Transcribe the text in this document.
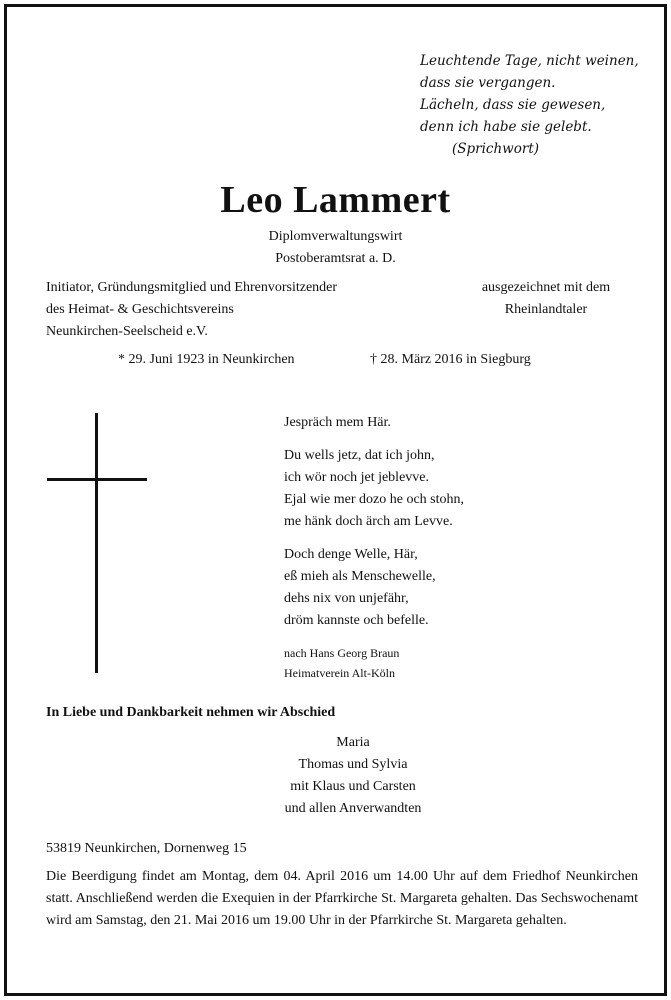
Leuchtende Tage, nicht weinen,
dass sie vergangen.
Lächeln, dass sie gewesen,
denn ich habe sie gelebt.
(Sprichwort)
Leo Lammert
Diplomverwaltungswirt
Postoberamtsrat a. D.
Initiator, Gründungsmitglied und Ehrenvorsitzender
des Heimat- & Geschichtsvereins
Neunkirchen-Seelscheid e.V.
ausgezeichnet mit dem
Rheinlandtaler
* 29. Juni 1923 in Neunkirchen	† 28. März 2016 in Siegburg
Jespräch mem Här.
Du wells jetz, dat ich john,
ich wör noch jet jeblevve.
Ejal wie mer dozo he och stohn,
me hänk doch ärch am Levve.
Doch denge Welle, Här,
eß mieh als Menschewelle,
dehs nix von unjefähr,
dröm kannste och befelle.
nach Hans Georg Braun
Heimatverein Alt-Köln
In Liebe und Dankbarkeit nehmen wir Abschied
Maria
Thomas und Sylvia
mit Klaus und Carsten
und allen Anverwandten
53819 Neunkirchen, Dornenweg 15
Die Beerdigung findet am Montag, dem 04. April 2016 um 14.00 Uhr auf dem Friedhof Neunkirchen statt. Anschließend werden die Exequien in der Pfarrkirche St. Margareta gehalten. Das Sechswochenamt wird am Samstag, den 21. Mai 2016 um 19.00 Uhr in der Pfarrkirche St. Margareta gehalten.
